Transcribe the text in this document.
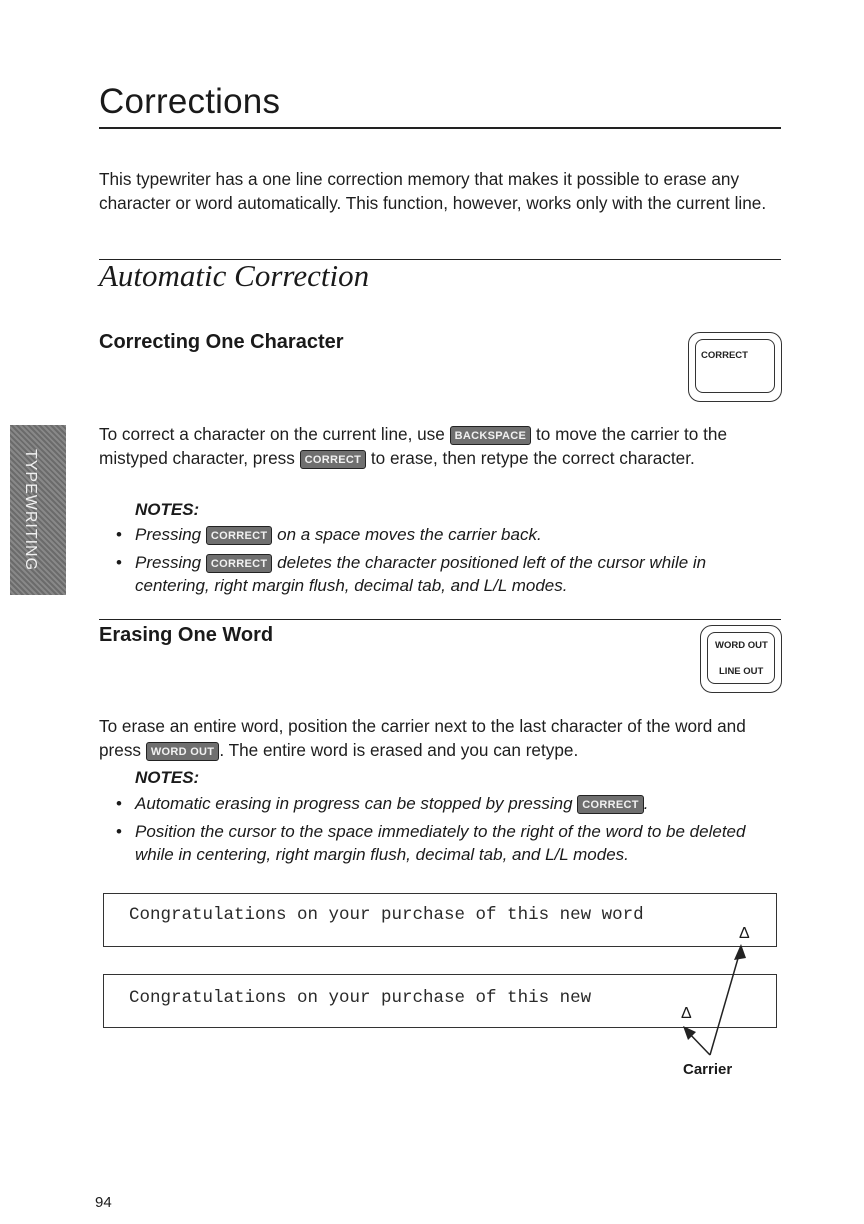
TYPEWRITING
Corrections
This typewriter has a one line correction memory that makes it possible to erase any character or word automatically. This function, however, works only with the current line.
Automatic Correction
Correcting One Character
CORRECT
To correct a character on the current line, use BACKSPACE to move the carrier to the mistyped character, press CORRECT to erase, then retype the correct character.
NOTES:
• Pressing CORRECT on a space moves the carrier back.
• Pressing CORRECT deletes the character positioned left of the cursor while in centering, right margin flush, decimal tab, and L/L modes.
Erasing One Word	WORD OUT
LINE OUT
To erase an entire word, position the carrier next to the last character of the word and press WORD OUT . The entire word is erased and you can retype.
NOTES:
• Automatic erasing in progress can be stopped by pressing CORRECT .
• Position the cursor to the space immediately to the right of the word to be deleted while in centering, right margin flush, decimal tab, and L/L modes.
Congratulations on your purchase of this new word
Δ
Congratulations on your purchase of this new
Δ
Carrier
94
